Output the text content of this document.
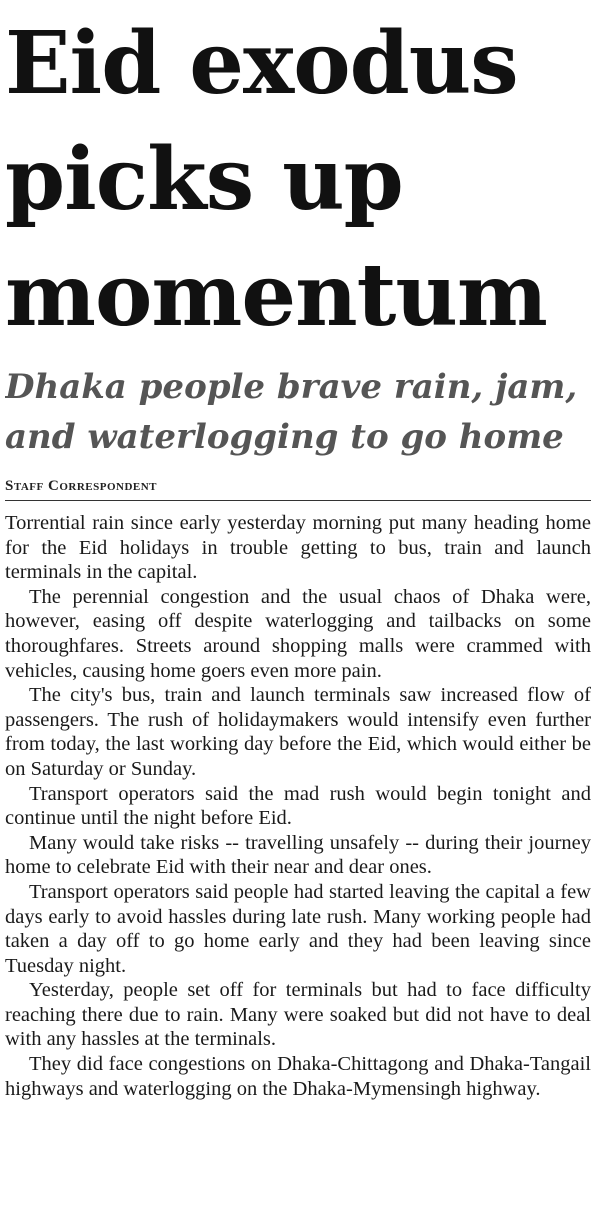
Eid exodus
picks up
momentum
Dhaka people brave rain, jam,
and waterlogging to go home
Staff Correspondent

Torrential rain since early yesterday morning put many heading home for the Eid holidays in trouble getting to bus, train and launch terminals in the capital.

The perennial congestion and the usual chaos of Dhaka were, however, easing off despite waterlogging and tailbacks on some thoroughfares. Streets around shopping malls were crammed with vehicles, causing home goers even more pain.

The city's bus, train and launch terminals saw increased flow of passengers. The rush of holidaymakers would intensify even further from today, the last working day before the Eid, which would either be on Saturday or Sunday.

Transport operators said the mad rush would begin tonight and continue until the night before Eid.

Many would take risks -- travelling unsafely -- during their journey home to celebrate Eid with their near and dear ones.

Transport operators said people had started leaving the capital a few days early to avoid hassles during late rush. Many working people had taken a day off to go home early and they had been leaving since Tuesday night.

Yesterday, people set off for terminals but had to face difficulty reaching there due to rain. Many were soaked but did not have to deal with any hassles at the terminals.

They did face congestions on Dhaka-Chittagong and Dhaka-Tangail highways and waterlogging on the Dhaka-Mymensingh highway.
